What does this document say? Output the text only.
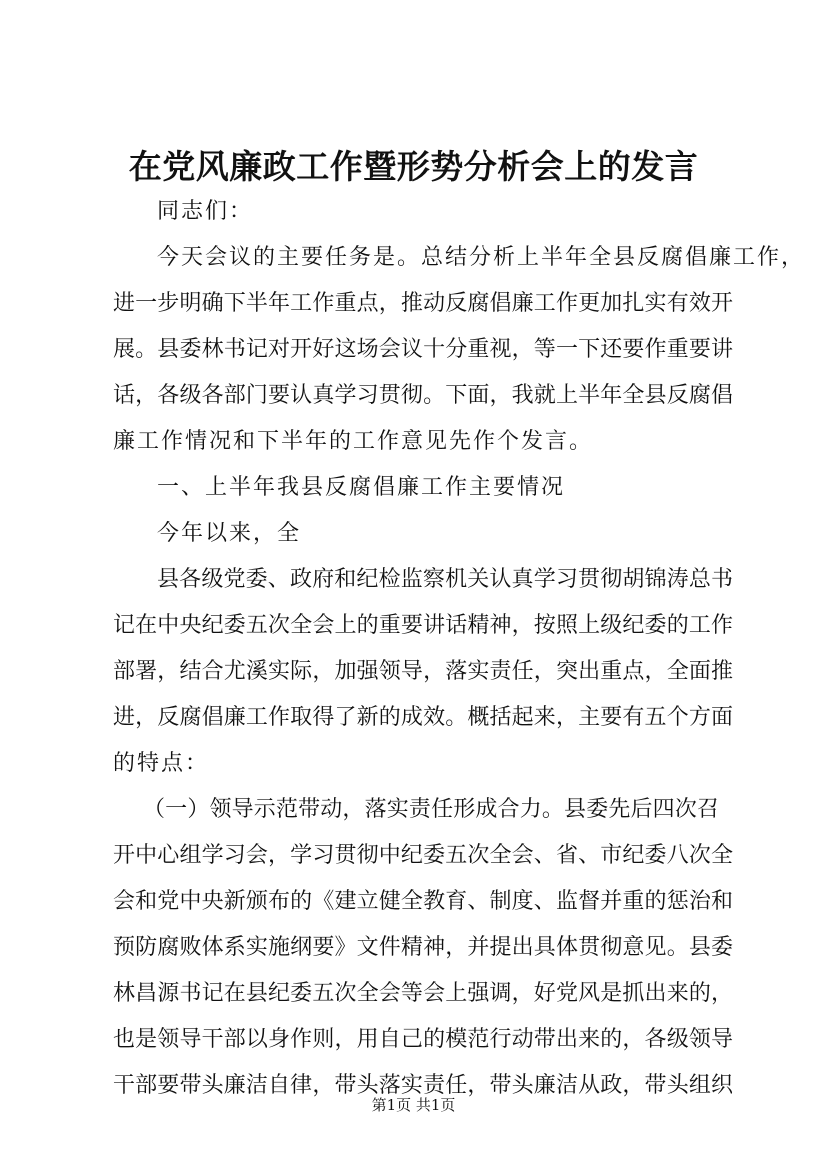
在党风廉政工作暨形势分析会上的发言
同志们：
今天会议的主要任务是。总结分析上半年全县反腐倡廉工作，
进一步明确下半年工作重点，推动反腐倡廉工作更加扎实有效开
展。县委林书记对开好这场会议十分重视，等一下还要作重要讲
话，各级各部门要认真学习贯彻。下面，我就上半年全县反腐倡
廉工作情况和下半年的工作意见先作个发言。
一、上半年我县反腐倡廉工作主要情况
今年以来，全
县各级党委、政府和纪检监察机关认真学习贯彻胡锦涛总书
记在中央纪委五次全会上的重要讲话精神，按照上级纪委的工作
部署，结合尤溪实际，加强领导，落实责任，突出重点，全面推
进，反腐倡廉工作取得了新的成效。概括起来，主要有五个方面
的特点：
（一）领导示范带动，落实责任形成合力。县委先后四次召
开中心组学习会，学习贯彻中纪委五次全会、省、市纪委八次全
会和党中央新颁布的《建立健全教育、制度、监督并重的惩治和
预防腐败体系实施纲要》文件精神，并提出具体贯彻意见。县委
林昌源书记在县纪委五次全会等会上强调，好党风是抓出来的，
也是领导干部以身作则，用自己的模范行动带出来的，各级领导
干部要带头廉洁自律，带头落实责任，带头廉洁从政，带头组织
第1页 共1页
